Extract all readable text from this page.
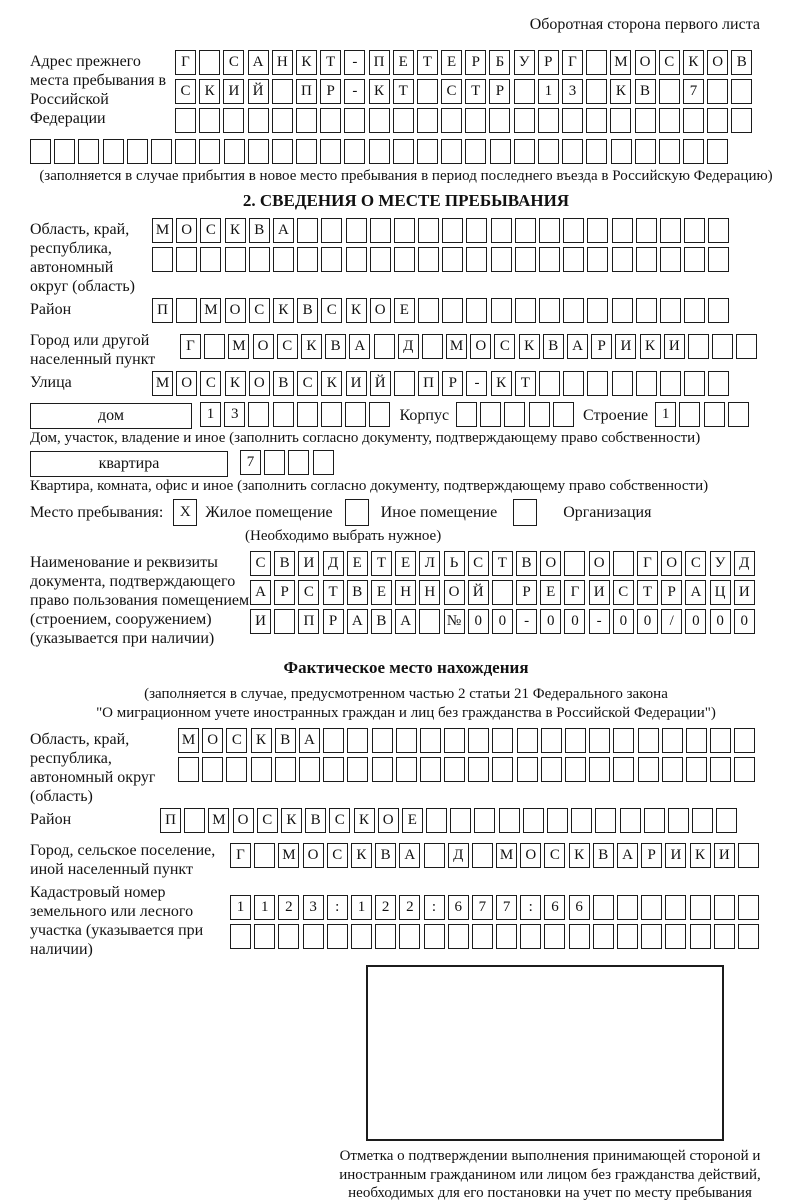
Оборотная сторона первого листа
Адрес прежнего места пребывания в Российской Федерации
Г	С А Н К Т	-	П Е	Т	Е	Р	Б У Р	Г	М О С К О В
С К И Й	П Р	-	К Т	С Т	Р	1	3	К В	7
(заполняется в случае прибытия в новое место пребывания в период последнего въезда в Российскую Федерацию)
2. СВЕДЕНИЯ О МЕСТЕ ПРЕБЫВАНИЯ
Область, край, республика, автономный округ (область)
М О С К В А
Район	П	М О С К В С К О Е
Город или другой населенный пункт
Г	М О С К В А	Д	М О С К В А Р И К И
Улица	М О С К О В С К И Й	П Р	-	К Т
дом	1	3	Корпус	Строение 1
Дом, участок, владение и иное (заполнить согласно документу, подтверждающему право собственности)
квартира	7
Квартира, комната, офис и иное (заполнить согласно документу, подтверждающему право собственности)
Место пребывания:	X Жилое помещение	Иное помещение	Организация
(Необходимо выбрать нужное)
Наименование и реквизиты документа, подтверждающего право пользования помещением (строением, сооружением) (указывается при наличии)
С В И Д Е	Т	Е Л Ь С Т В О	О	Г О С У Д
А Р	С Т В Е Н Н О Й	Р	Е	Г И С Т	Р А Ц И
И	П Р А В А	№ 0	0	-	0	0	-	0	0	/	0	0	0
Фактическое место нахождения
(заполняется в случае, предусмотренном частью 2 статьи 21 Федерального закона
"О миграционном учете иностранных граждан и лиц без гражданства в Российской Федерации")
Область, край, республика, автономный округ (область)
М О С К В А
Район	П	М О С К В С К О Е
Город, сельское поселение, иной населенный пункт
Г	М О С К В А	Д	М О С К В А Р И К И
Кадастровый номер земельного или лесного участка (указывается при наличии)
1	1	2	3	:	1	2	2	:	6	7	7	:	6	6
Отметка о подтверждении выполнения принимающей стороной и иностранным гражданином или лицом без гражданства действий, необходимых для его постановки на учет по месту пребывания
